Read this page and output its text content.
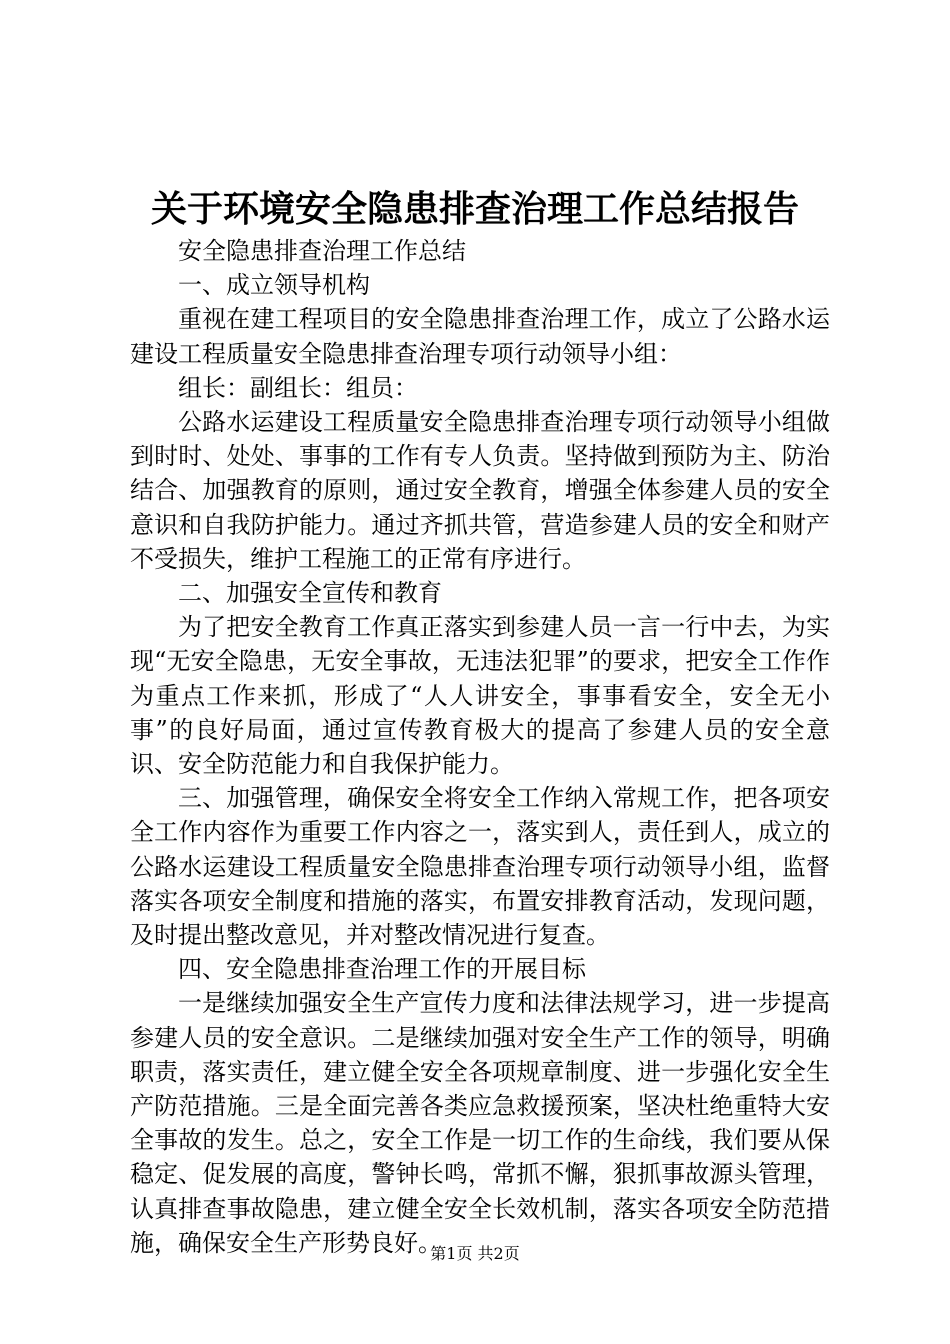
关于环境安全隐患排查治理工作总结报告

安全隐患排查治理工作总结

一、成立领导机构

重视在建工程项目的安全隐患排查治理工作，成立了公路水运建设工程质量安全隐患排查治理专项行动领导小组：

组长：副组长：组员：

公路水运建设工程质量安全隐患排查治理专项行动领导小组做到时时、处处、事事的工作有专人负责。坚持做到预防为主、防治结合、加强教育的原则，通过安全教育，增强全体参建人员的安全意识和自我防护能力。通过齐抓共管，营造参建人员的安全和财产不受损失，维护工程施工的正常有序进行。

二、加强安全宣传和教育

为了把安全教育工作真正落实到参建人员一言一行中去，为实现“无安全隐患，无安全事故，无违法犯罪”的要求，把安全工作作为重点工作来抓，形成了“人人讲安全，事事看安全，安全无小事”的良好局面，通过宣传教育极大的提高了参建人员的安全意识、安全防范能力和自我保护能力。

三、加强管理，确保安全将安全工作纳入常规工作，把各项安全工作内容作为重要工作内容之一，落实到人，责任到人，成立的公路水运建设工程质量安全隐患排查治理专项行动领导小组，监督落实各项安全制度和措施的落实，布置安排教育活动，发现问题，及时提出整改意见，并对整改情况进行复查。

四、安全隐患排查治理工作的开展目标

一是继续加强安全生产宣传力度和法律法规学习，进一步提高参建人员的安全意识。二是继续加强对安全生产工作的领导，明确职责，落实责任，建立健全安全各项规章制度、进一步强化安全生产防范措施。三是全面完善各类应急救援预案，坚决杜绝重特大安全事故的发生。总之，安全工作是一切工作的生命线，我们要从保稳定、促发展的高度，警钟长鸣，常抓不懈，狠抓事故源头管理，认真排查事故隐患，建立健全安全长效机制，落实各项安全防范措施，确保安全生产形势良好。

第1页 共2页
